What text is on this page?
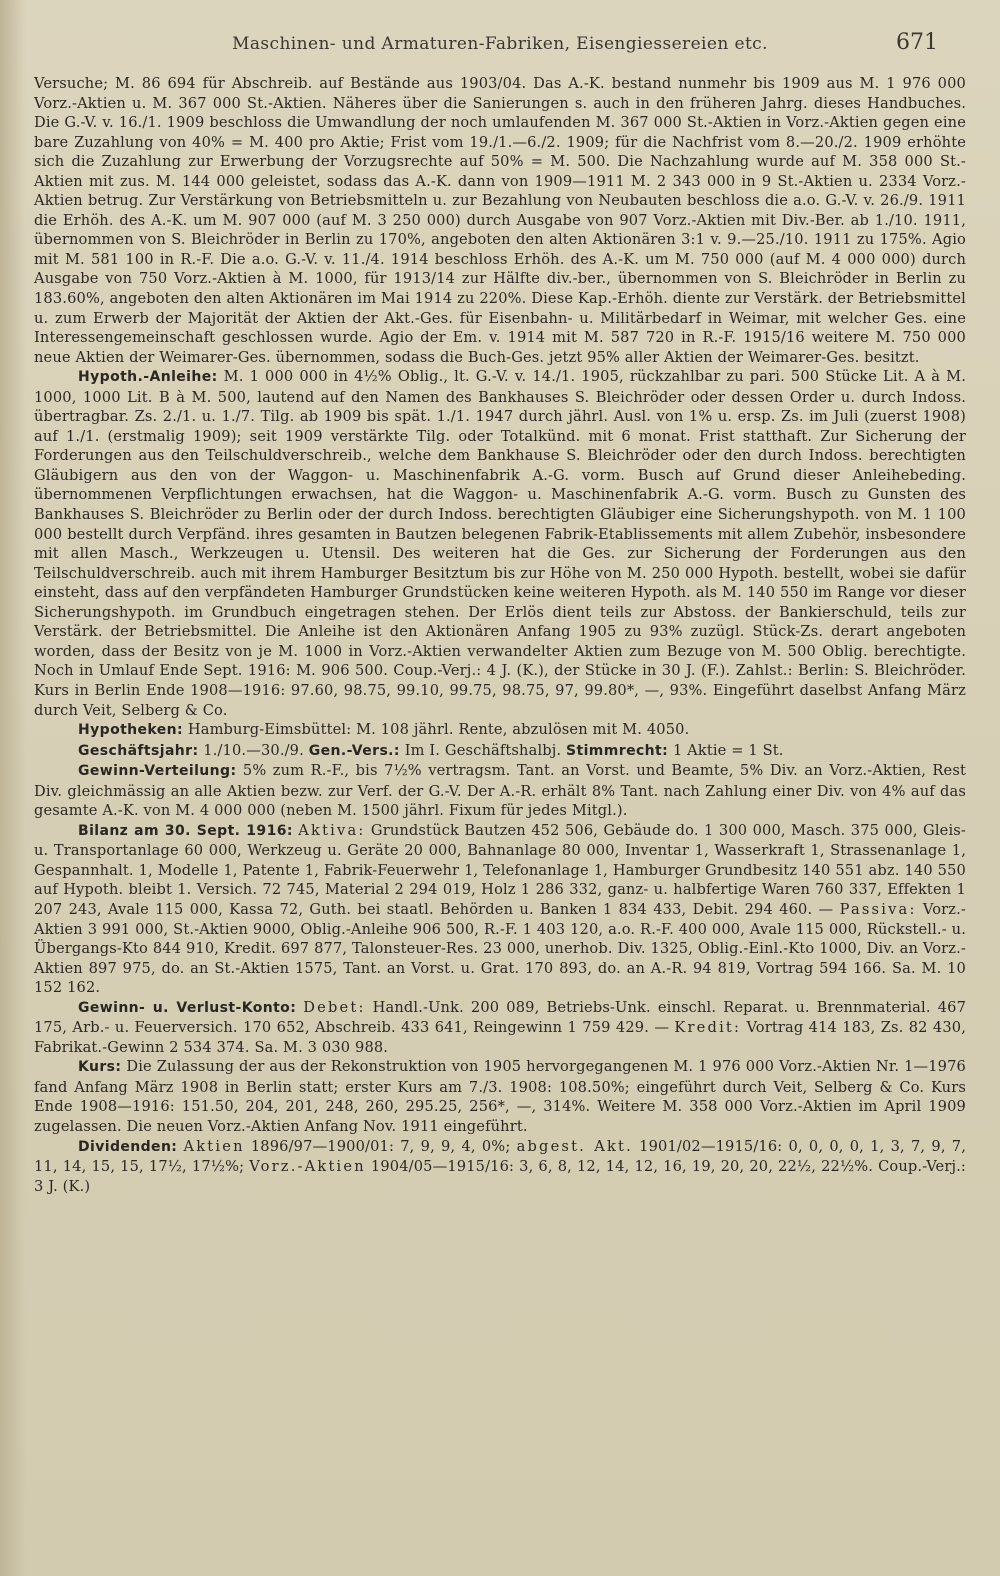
Maschinen- und Armaturen-Fabriken, Eisengiessereien etc.	671

Versuche; M. 86 694 für Abschreib. auf Bestände aus 1903/04. Das A.-K. bestand nunmehr bis 1909 aus M. 1 976 000 Vorz.-Aktien u. M. 367 000 St.-Aktien. Näheres über die Sanierungen s. auch in den früheren Jahrg. dieses Handbuches. Die G.-V. v. 16./1. 1909 beschloss die Umwandlung der noch umlaufenden M. 367 000 St.-Aktien in Vorz.-Aktien gegen eine bare Zuzahlung von 40% = M. 400 pro Aktie; Frist vom 19./1.—6./2. 1909; für die Nachfrist vom 8.—20./2. 1909 erhöhte sich die Zuzahlung zur Erwerbung der Vorzugsrechte auf 50% = M. 500. Die Nachzahlung wurde auf M. 358 000 St.-Aktien mit zus. M. 144 000 geleistet, sodass das A.-K. dann von 1909—1911 M. 2 343 000 in 9 St.-Aktien u. 2334 Vorz.-Aktien betrug. Zur Verstärkung von Betriebsmitteln u. zur Bezahlung von Neubauten beschloss die a.o. G.-V. v. 26./9. 1911 die Erhöh. des A.-K. um M. 907 000 (auf M. 3 250 000) durch Ausgabe von 907 Vorz.-Aktien mit Div.-Ber. ab 1./10. 1911, übernommen von S. Bleichröder in Berlin zu 170%, angeboten den alten Aktionären 3:1 v. 9.—25./10. 1911 zu 175%. Agio mit M. 581 100 in R.-F. Die a.o. G.-V. v. 11./4. 1914 beschloss Erhöh. des A.-K. um M. 750 000 (auf M. 4 000 000) durch Ausgabe von 750 Vorz.-Aktien à M. 1000, für 1913/14 zur Hälfte div.-ber., übernommen von S. Bleichröder in Berlin zu 183.60%, angeboten den alten Aktionären im Mai 1914 zu 220%. Diese Kap.-Erhöh. diente zur Verstärk. der Betriebsmittel u. zum Erwerb der Majorität der Aktien der Akt.-Ges. für Eisenbahn- u. Militärbedarf in Weimar, mit welcher Ges. eine Interessengemeinschaft geschlossen wurde. Agio der Em. v. 1914 mit M. 587 720 in R.-F. 1915/16 weitere M. 750 000 neue Aktien der Weimarer-Ges. übernommen, sodass die Buch-Ges. jetzt 95% aller Aktien der Weimarer-Ges. besitzt.

Hypoth.-Anleihe: M. 1 000 000 in 4½% Oblig., lt. G.-V. v. 14./1. 1905, rückzahlbar zu pari. 500 Stücke Lit. A à M. 1000, 1000 Lit. B à M. 500, lautend auf den Namen des Bankhauses S. Bleichröder oder dessen Order u. durch Indoss. übertragbar. Zs. 2./1. u. 1./7. Tilg. ab 1909 bis spät. 1./1. 1947 durch jährl. Ausl. von 1% u. ersp. Zs. im Juli (zuerst 1908) auf 1./1. (erstmalig 1909); seit 1909 verstärkte Tilg. oder Totalkünd. mit 6 monat. Frist statthaft. Zur Sicherung der Forderungen aus den Teilschuldverschreib., welche dem Bankhause S. Bleichröder oder den durch Indoss. berechtigten Gläubigern aus den von der Waggon- u. Maschinenfabrik A.-G. vorm. Busch auf Grund dieser Anleihebeding. übernommenen Verpflichtungen erwachsen, hat die Waggon- u. Maschinenfabrik A.-G. vorm. Busch zu Gunsten des Bankhauses S. Bleichröder zu Berlin oder der durch Indoss. berechtigten Gläubiger eine Sicherungshypoth. von M. 1 100 000 bestellt durch Verpfänd. ihres gesamten in Bautzen belegenen Fabrik-Etablissements mit allem Zubehör, insbesondere mit allen Masch., Werkzeugen u. Utensil. Des weiteren hat die Ges. zur Sicherung der Forderungen aus den Teilschuldverschreib. auch mit ihrem Hamburger Besitztum bis zur Höhe von M. 250 000 Hypoth. bestellt, wobei sie dafür einsteht, dass auf den verpfändeten Hamburger Grundstücken keine weiteren Hypoth. als M. 140 550 im Range vor dieser Sicherungshypoth. im Grundbuch eingetragen stehen. Der Erlös dient teils zur Abstoss. der Bankierschuld, teils zur Verstärk. der Betriebsmittel. Die Anleihe ist den Aktionären Anfang 1905 zu 93% zuzügl. Stück-Zs. derart angeboten worden, dass der Besitz von je M. 1000 in Vorz.-Aktien verwandelter Aktien zum Bezuge von M. 500 Oblig. berechtigte. Noch in Umlauf Ende Sept. 1916: M. 906 500. Coup.-Verj.: 4 J. (K.), der Stücke in 30 J. (F.). Zahlst.: Berlin: S. Bleichröder. Kurs in Berlin Ende 1908—1916: 97.60, 98.75, 99.10, 99.75, 98.75, 97, 99.80*, —, 93%. Eingeführt daselbst Anfang März durch Veit, Selberg & Co.

Hypotheken: Hamburg-Eimsbüttel: M. 108 jährl. Rente, abzulösen mit M. 4050.

Geschäftsjahr: 1./10.—30./9. Gen.-Vers.: Im I. Geschäftshalbj. Stimmrecht: 1 Aktie = 1 St.

Gewinn-Verteilung: 5% zum R.-F., bis 7½% vertragsm. Tant. an Vorst. und Beamte, 5% Div. an Vorz.-Aktien, Rest Div. gleichmässig an alle Aktien bezw. zur Verf. der G.-V. Der A.-R. erhält 8% Tant. nach Zahlung einer Div. von 4% auf das gesamte A.-K. von M. 4 000 000 (neben M. 1500 jährl. Fixum für jedes Mitgl.).

Bilanz am 30. Sept. 1916: Aktiva: Grundstück Bautzen 452 506, Gebäude do. 1 300 000, Masch. 375 000, Gleis- u. Transportanlage 60 000, Werkzeug u. Geräte 20 000, Bahnanlage 80 000, Inventar 1, Wasserkraft 1, Strassenanlage 1, Gespannhalt. 1, Modelle 1, Patente 1, Fabrik-Feuerwehr 1, Telefonanlage 1, Hamburger Grundbesitz 140 551 abz. 140 550 auf Hypoth. bleibt 1. Versich. 72 745, Material 2 294 019, Holz 1 286 332, ganz- u. halbfertige Waren 760 337, Effekten 1 207 243, Avale 115 000, Kassa 72, Guth. bei staatl. Behörden u. Banken 1 834 433, Debit. 294 460. — Passiva: Vorz.-Aktien 3 991 000, St.-Aktien 9000, Oblig.-Anleihe 906 500, R.-F. 1 403 120, a.o. R.-F. 400 000, Avale 115 000, Rückstell.- u. Übergangs-Kto 844 910, Kredit. 697 877, Talonsteuer-Res. 23 000, unerhob. Div. 1325, Oblig.-Einl.-Kto 1000, Div. an Vorz.-Aktien 897 975, do. an St.-Aktien 1575, Tant. an Vorst. u. Grat. 170 893, do. an A.-R. 94 819, Vortrag 594 166. Sa. M. 10 152 162.

Gewinn- u. Verlust-Konto: Debet: Handl.-Unk. 200 089, Betriebs-Unk. einschl. Reparat. u. Brennmaterial. 467 175, Arb.- u. Feuerversich. 170 652, Abschreib. 433 641, Reingewinn 1 759 429. — Kredit: Vortrag 414 183, Zs. 82 430, Fabrikat.-Gewinn 2 534 374. Sa. M. 3 030 988.

Kurs: Die Zulassung der aus der Rekonstruktion von 1905 hervorgegangenen M. 1 976 000 Vorz.-Aktien Nr. 1—1976 fand Anfang März 1908 in Berlin statt; erster Kurs am 7./3. 1908: 108.50%; eingeführt durch Veit, Selberg & Co. Kurs Ende 1908—1916: 151.50, 204, 201, 248, 260, 295.25, 256*, —, 314%. Weitere M. 358 000 Vorz.-Aktien im April 1909 zugelassen. Die neuen Vorz.-Aktien Anfang Nov. 1911 eingeführt.

Dividenden: Aktien 1896/97—1900/01: 7, 9, 9, 4, 0%; abgest. Akt. 1901/02—1915/16: 0, 0, 0, 0, 1, 3, 7, 9, 7, 11, 14, 15, 15, 17½, 17½%; Vorz.-Aktien 1904/05—1915/16: 3, 6, 8, 12, 14, 12, 16, 19, 20, 20, 22½, 22½%. Coup.-Verj.: 3 J. (K.)
